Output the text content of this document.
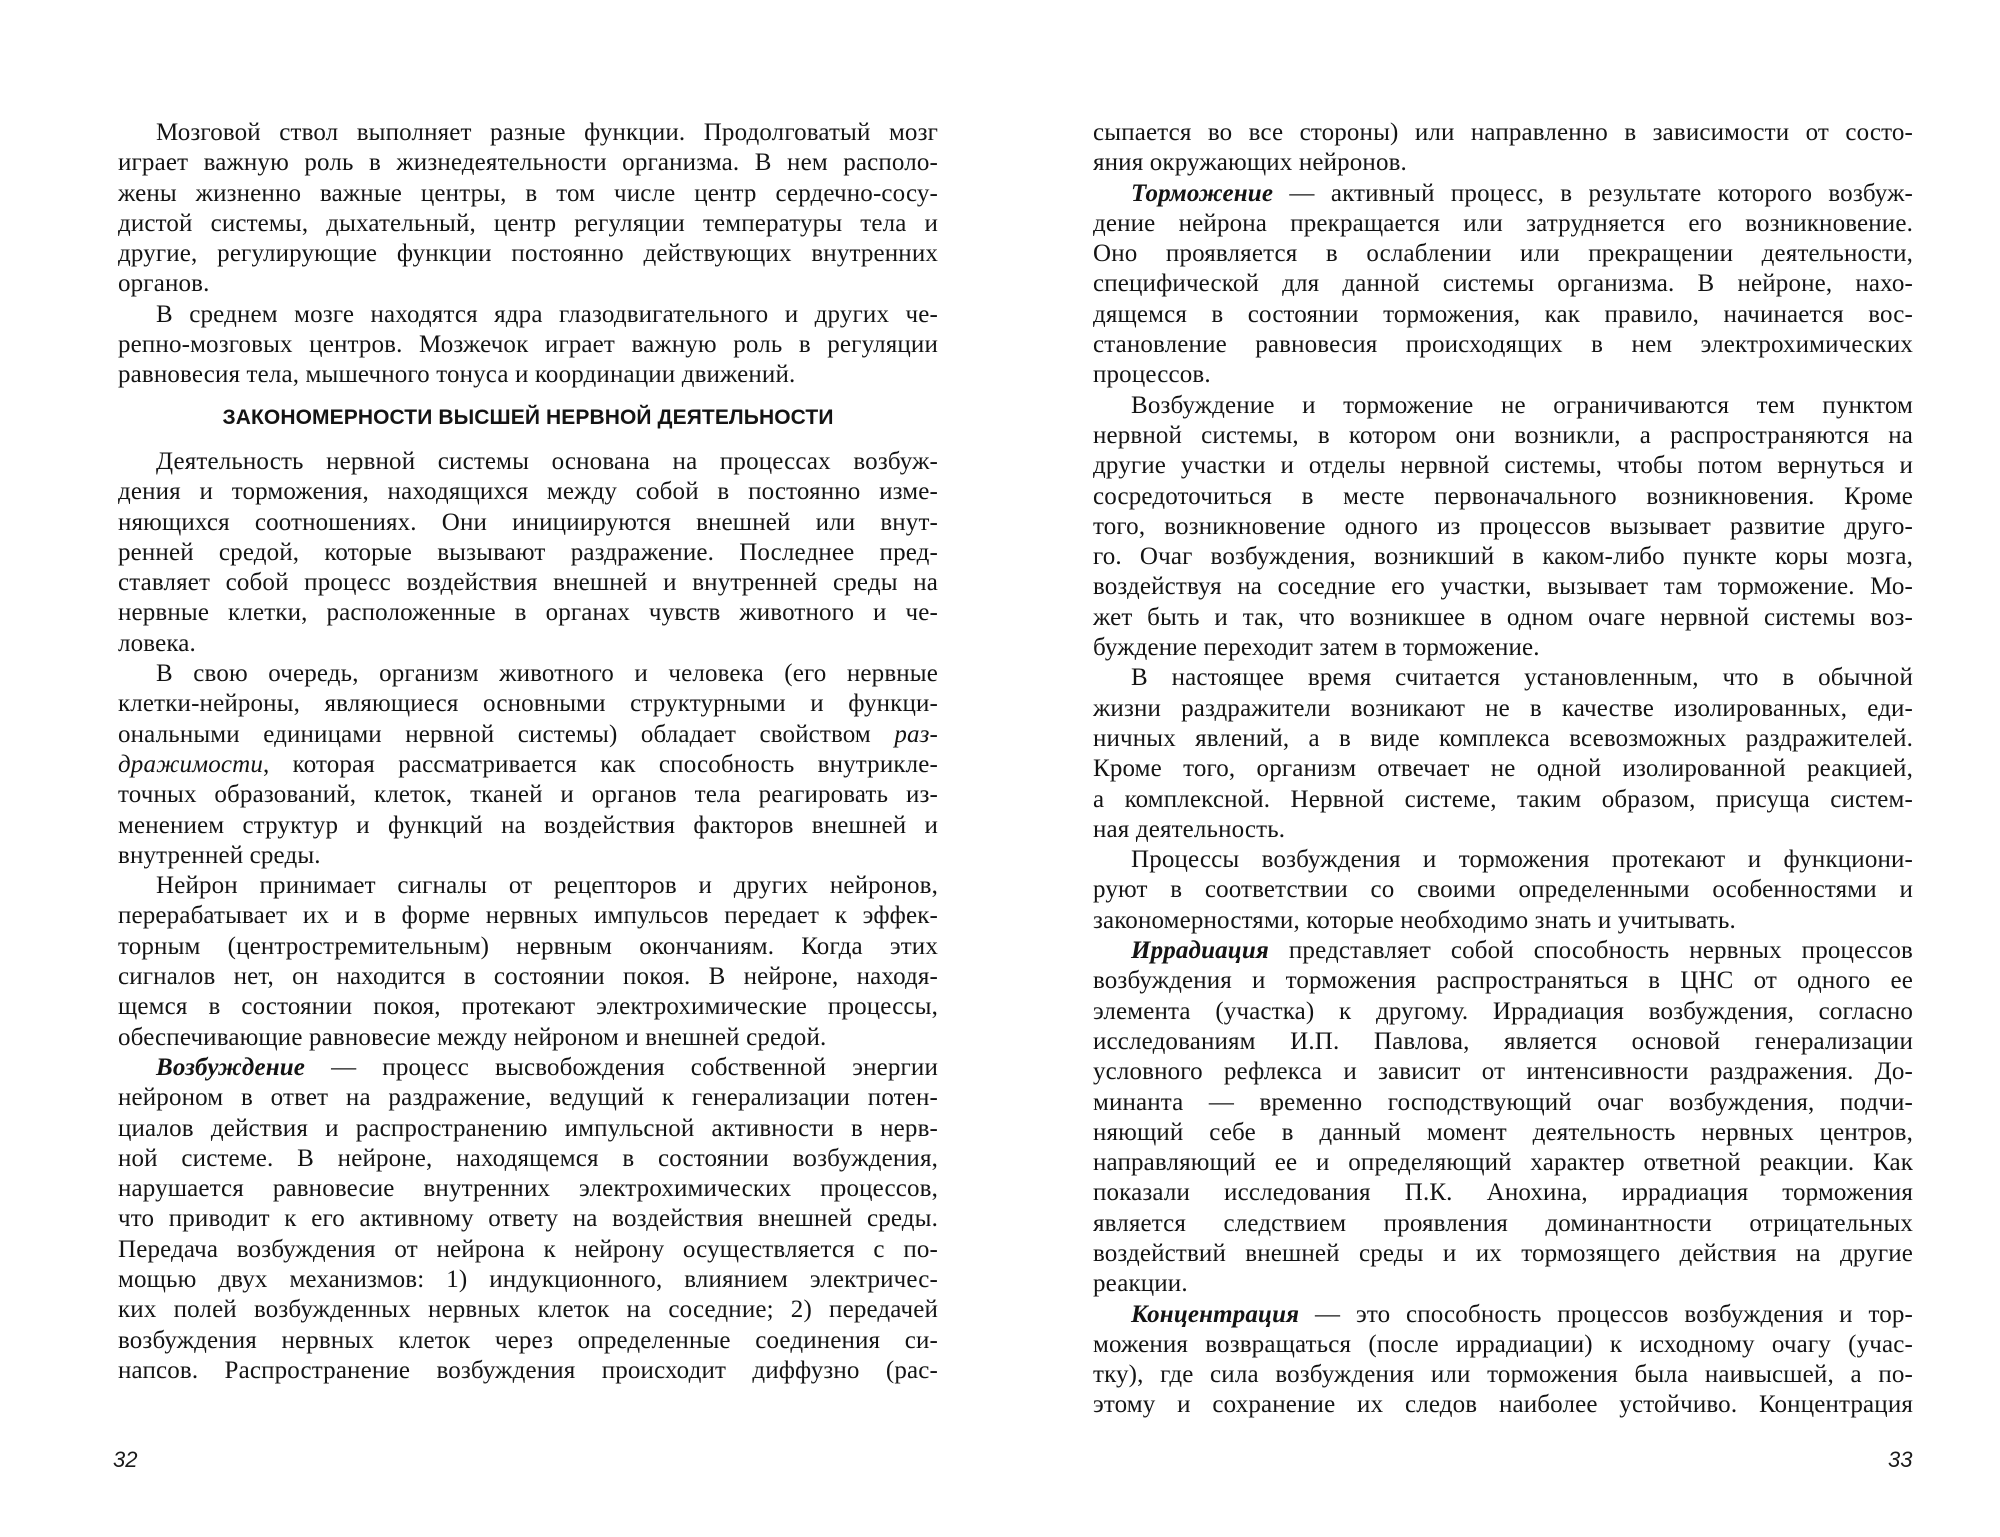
Мозговой ствол выполняет разные функции. Продолговатый мозг
играет важную роль в жизнедеятельности организма. В нем располо-
жены жизненно важные центры, в том числе центр сердечно-сосу-
дистой системы, дыхательный, центр регуляции температуры тела и
другие, регулирующие функции постоянно действующих внутренних
органов.
В среднем мозге находятся ядра глазодвигательного и других че-
репно-мозговых центров. Мозжечок играет важную роль в регуляции
равновесия тела, мышечного тонуса и координации движений.
ЗАКОНОМЕРНОСТИ ВЫСШЕЙ НЕРВНОЙ ДЕЯТЕЛЬНОСТИ
Деятельность нервной системы основана на процессах возбуж-
дения и торможения, находящихся между собой в постоянно изме-
няющихся соотношениях. Они инициируются внешней или внут-
ренней средой, которые вызывают раздражение. Последнее пред-
ставляет собой процесс воздействия внешней и внутренней среды на
нервные клетки, расположенные в органах чувств животного и че-
ловека.
В свою очередь, организм животного и человека (его нервные
клетки-нейроны, являющиеся основными структурными и функци-
ональными единицами нервной системы) обладает свойством раз-
дражимости, которая рассматривается как способность внутрикле-
точных образований, клеток, тканей и органов тела реагировать из-
менением структур и функций на воздействия факторов внешней и
внутренней среды.
Нейрон принимает сигналы от рецепторов и других нейронов,
перерабатывает их и в форме нервных импульсов передает к эффек-
торным (центростремительным) нервным окончаниям. Когда этих
сигналов нет, он находится в состоянии покоя. В нейроне, находя-
щемся в состоянии покоя, протекают электрохимические процессы,
обеспечивающие равновесие между нейроном и внешней средой.
Возбуждение — процесс высвобождения собственной энергии
нейроном в ответ на раздражение, ведущий к генерализации потен-
циалов действия и распространению импульсной активности в нерв-
ной системе. В нейроне, находящемся в состоянии возбуждения,
нарушается равновесие внутренних электрохимических процессов,
что приводит к его активному ответу на воздействия внешней среды.
Передача возбуждения от нейрона к нейрону осуществляется с по-
мощью двух механизмов: 1) индукционного, влиянием электричес-
ких полей возбужденных нервных клеток на соседние; 2) передачей
возбуждения нервных клеток через определенные соединения си-
напсов. Распространение возбуждения происходит диффузно (рас-
32
сыпается во все стороны) или направленно в зависимости от состо-
яния окружающих нейронов.
Торможение — активный процесс, в результате которого возбуж-
дение нейрона прекращается или затрудняется его возникновение.
Оно проявляется в ослаблении или прекращении деятельности,
специфической для данной системы организма. В нейроне, нахо-
дящемся в состоянии торможения, как правило, начинается вос-
становление равновесия происходящих в нем электрохимических
процессов.
Возбуждение и торможение не ограничиваются тем пунктом
нервной системы, в котором они возникли, а распространяются на
другие участки и отделы нервной системы, чтобы потом вернуться и
сосредоточиться в месте первоначального возникновения. Кроме
того, возникновение одного из процессов вызывает развитие друго-
го. Очаг возбуждения, возникший в каком-либо пункте коры мозга,
воздействуя на соседние его участки, вызывает там торможение. Мо-
жет быть и так, что возникшее в одном очаге нервной системы воз-
буждение переходит затем в торможение.
В настоящее время считается установленным, что в обычной
жизни раздражители возникают не в качестве изолированных, еди-
ничных явлений, а в виде комплекса всевозможных раздражителей.
Кроме того, организм отвечает не одной изолированной реакцией,
а комплексной. Нервной системе, таким образом, присуща систем-
ная деятельность.
Процессы возбуждения и торможения протекают и функциони-
руют в соответствии со своими определенными особенностями и
закономерностями, которые необходимо знать и учитывать.
Иррадиация представляет собой способность нервных процессов
возбуждения и торможения распространяться в ЦНС от одного ее
элемента (участка) к другому. Иррадиация возбуждения, согласно
исследованиям И.П. Павлова, является основой генерализации
условного рефлекса и зависит от интенсивности раздражения. До-
минанта — временно господствующий очаг возбуждения, подчи-
няющий себе в данный момент деятельность нервных центров,
направляющий ее и определяющий характер ответной реакции. Как
показали исследования П.К. Анохина, иррадиация торможения
является следствием проявления доминантности отрицательных
воздействий внешней среды и их тормозящего действия на другие
реакции.
Концентрация — это способность процессов возбуждения и тор-
можения возвращаться (после иррадиации) к исходному очагу (учас-
тку), где сила возбуждения или торможения была наивысшей, а по-
этому и сохранение их следов наиболее устойчиво. Концентрация
33
